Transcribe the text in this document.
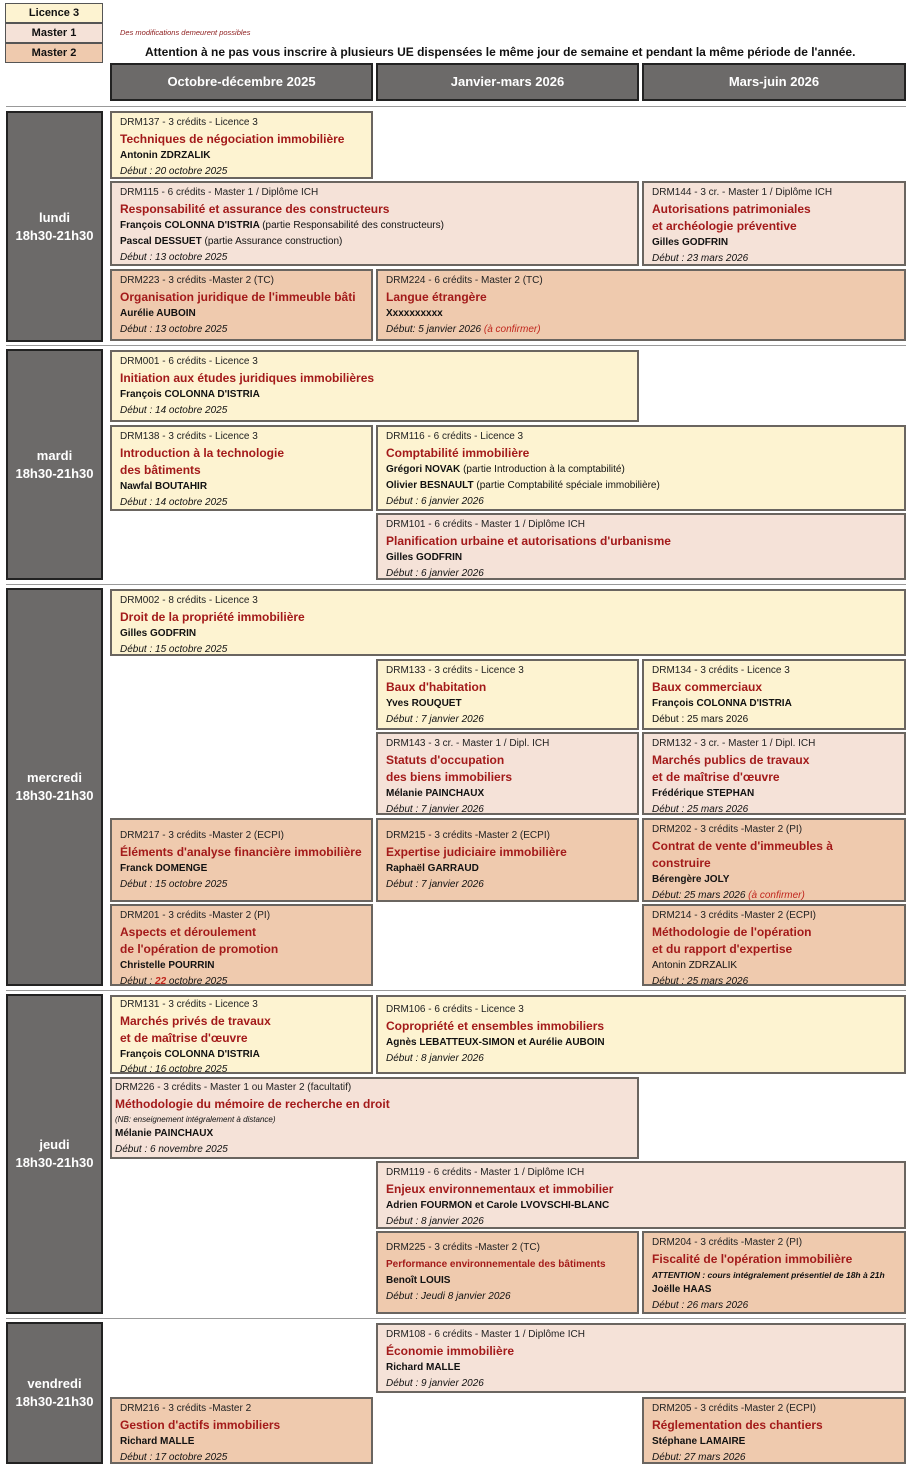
Licence 3
Master 1
Master 2
Des modifications demeurent possibles
Attention à ne pas vous inscrire à plusieurs UE dispensées le même jour de semaine et pendant la même période de l'année.
Octobre-décembre 2025	Janvier-mars 2026	Mars-juin 2026
lundi
18h30-21h30
mardi
18h30-21h30
mercredi
18h30-21h30
jeudi
18h30-21h30
vendredi
18h30-21h30
DRM137 - 3 crédits - Licence 3
Techniques de négociation immobilière
Antonin ZDRZALIK
Début : 20 octobre 2025
DRM115 - 6 crédits - Master 1 / Diplôme ICH
Responsabilité et assurance des constructeurs
François COLONNA D'ISTRIA (partie Responsabilité des constructeurs)
Pascal DESSUET (partie Assurance construction)
Début : 13 octobre 2025
DRM144 - 3 cr. - Master 1 / Diplôme ICH
Autorisations patrimoniales
et archéologie préventive
Gilles GODFRIN
Début : 23 mars 2026
DRM223 - 3 crédits -Master 2 (TC)
Organisation juridique de l'immeuble bâti
Aurélie AUBOIN
Début : 13 octobre 2025
DRM224 - 6 crédits - Master 2 (TC)
Langue étrangère
Xxxxxxxxxx
Début: 5 janvier 2026 (à confirmer)
DRM001 - 6 crédits - Licence 3
Initiation aux études juridiques immobilières
François COLONNA D'ISTRIA
Début : 14 octobre 2025
DRM138 - 3 crédits - Licence 3
Introduction à la technologie
des bâtiments
Nawfal BOUTAHIR
Début : 14 octobre 2025
DRM116 - 6 crédits - Licence 3
Comptabilité immobilière
Grégori NOVAK (partie Introduction à la comptabilité)
Olivier BESNAULT (partie Comptabilité spéciale immobilière)
Début : 6 janvier 2026
DRM101 - 6 crédits - Master 1 / Diplôme ICH
Planification urbaine et autorisations d'urbanisme
Gilles GODFRIN
Début : 6 janvier 2026
DRM002 - 8 crédits - Licence 3
Droit de la propriété immobilière
Gilles GODFRIN
Début : 15 octobre 2025
DRM133 - 3 crédits - Licence 3
Baux d'habitation
Yves ROUQUET
Début : 7 janvier 2026
DRM134 - 3 crédits - Licence 3
Baux commerciaux
François COLONNA D'ISTRIA
Début : 25 mars 2026
DRM143 - 3 cr. - Master 1 / Dipl. ICH
Statuts d'occupation
des biens immobiliers
Mélanie PAINCHAUX
Début : 7 janvier 2026
DRM132 - 3 cr. - Master 1 / Dipl. ICH
Marchés publics de travaux
et de maîtrise d'œuvre
Frédérique STEPHAN
Début : 25 mars 2026
DRM217 - 3 crédits -Master 2 (ECPI)
Éléments d'analyse financière immobilière
Franck DOMENGE
Début : 15 octobre 2025
DRM215 - 3 crédits -Master 2 (ECPI)
Expertise judiciaire immobilière
Raphaël GARRAUD
Début : 7 janvier 2026
DRM202 - 3 crédits -Master 2 (PI)
Contrat de vente d'immeubles à
construire
Bérengère JOLY
Début: 25 mars 2026 (à confirmer)
DRM201 - 3 crédits -Master 2 (PI)
Aspects et déroulement
de l'opération de promotion
Christelle POURRIN
Début : 22 octobre 2025
DRM214 - 3 crédits -Master 2 (ECPI)
Méthodologie de l'opération
et du rapport d'expertise
Antonin ZDRZALIK
Début : 25 mars 2026
DRM131 - 3 crédits - Licence 3
Marchés privés de travaux
et de maîtrise d'œuvre
François COLONNA D'ISTRIA
Début : 16 octobre 2025
DRM106 - 6 crédits - Licence 3
Copropriété et ensembles immobiliers
Agnès LEBATTEUX-SIMON et Aurélie AUBOIN
Début : 8 janvier 2026
DRM226 - 3 crédits - Master 1 ou Master 2 (facultatif)
Méthodologie du mémoire de recherche en droit
(NB: enseignement intégralement à distance)
Mélanie PAINCHAUX
Début : 6 novembre 2025
DRM119 - 6 crédits - Master 1 / Diplôme ICH
Enjeux environnementaux et immobilier
Adrien FOURMON et Carole LVOVSCHI-BLANC
Début : 8 janvier 2026
DRM225 - 3 crédits -Master 2 (TC)
Performance environnementale des bâtiments
Benoît LOUIS
Début : Jeudi 8 janvier 2026
DRM204 - 3 crédits -Master 2 (PI)
Fiscalité de l'opération immobilière
ATTENTION : cours intégralement présentiel de 18h à 21h
Joëlle HAAS
Début : 26 mars 2026
DRM108 - 6 crédits - Master 1 / Diplôme ICH
Économie immobilière
Richard MALLE
Début : 9 janvier 2026
DRM216 - 3 crédits -Master 2
Gestion d'actifs immobiliers
Richard MALLE
Début : 17 octobre 2025
DRM205 - 3 crédits -Master 2 (ECPI)
Réglementation des chantiers
Stéphane LAMAIRE
Début: 27 mars 2026
